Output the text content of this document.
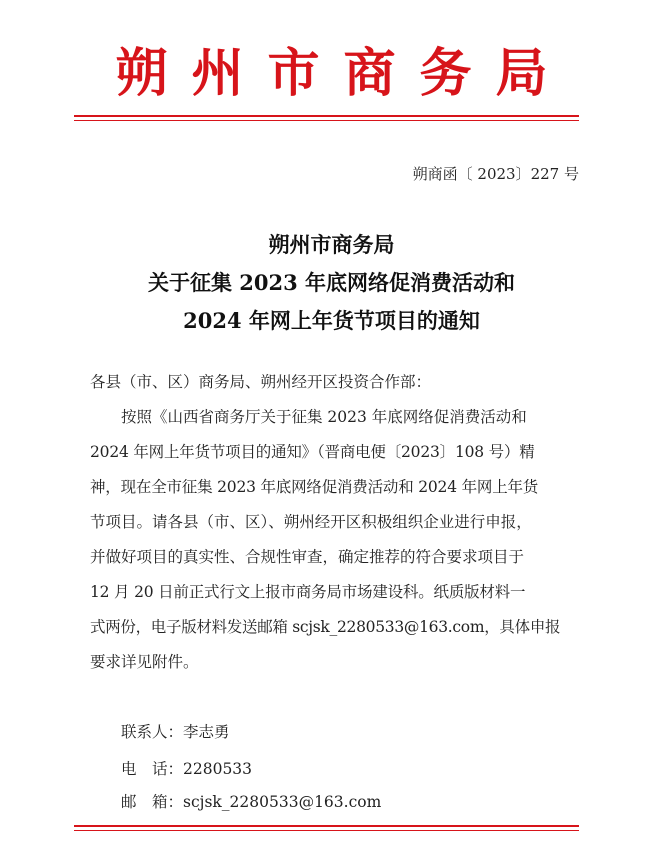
朔州市商务局
朔商函〔 2023〕227 号
朔州市商务局
关于征集 2023 年底网络促消费活动和
2024 年网上年货节项目的通知
各县（市、区）商务局、朔州经开区投资合作部：
按照《山西省商务厅关于征集 2023 年底网络促消费活动和
2024 年网上年货节项目的通知》（晋商电便〔2023〕108 号）精
神，现在全市征集 2023 年底网络促消费活动和 2024 年网上年货
节项目。请各县（市、区）、朔州经开区积极组织企业进行申报，
并做好项目的真实性、合规性审查，确定推荐的符合要求项目于
12 月 20 日前正式行文上报市商务局市场建设科。纸质版材料一
式两份，电子版材料发送邮箱 scjsk_2280533@163.com，具体申报
要求详见附件。
联系人：李志勇
电　话：2280533
邮　箱：scjsk_2280533@163.com
